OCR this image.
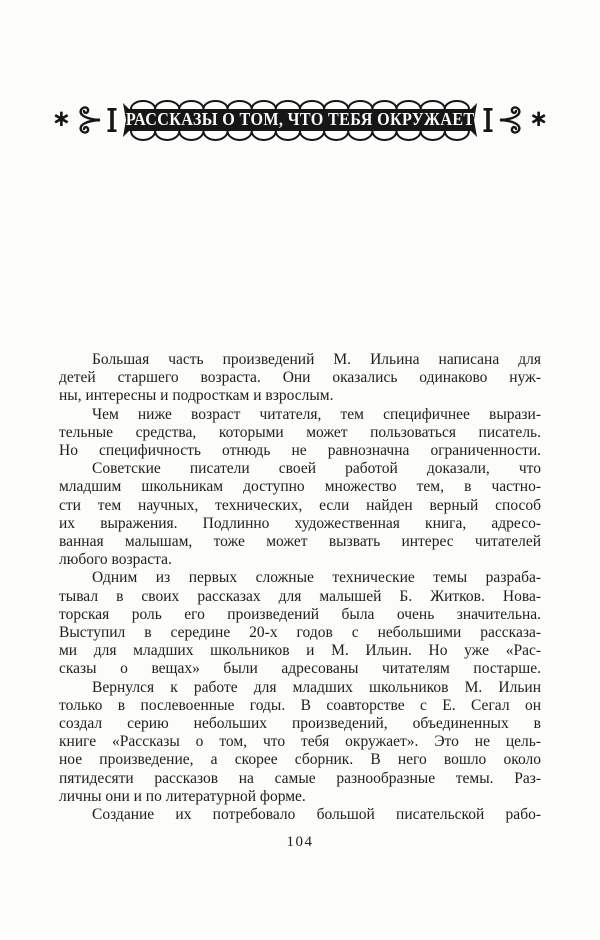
∗	«РАССКАЗЫ О ТОМ, ЧТО ТЕБЯ ОКРУЖАЕТ» ∗
Большая часть произведений М. Ильина написана для
детей старшего возраста. Они оказались одинаково нуж-
ны, интересны и подросткам и взрослым.
Чем ниже возраст читателя, тем специфичнее вырази-
тельные средства, которыми может пользоваться писатель.
Но специфичность отнюдь не равнозначна ограниченности.
Советские писатели своей работой доказали, что
младшим школьникам доступно множество тем, в частно-
сти тем научных, технических, если найден верный способ
их выражения. Подлинно художественная книга, адресо-
ванная малышам, тоже может вызвать интерес читателей
любого возраста.
Одним из первых сложные технические темы разраба-
тывал в своих рассказах для малышей Б. Житков. Нова-
торская роль его произведений была очень значительна.
Выступил в середине 20-х годов с небольшими рассказа-
ми для младших школьников и М. Ильин. Но уже «Рас-
сказы о вещах» были адресованы читателям постарше.
Вернулся к работе для младших школьников М. Ильин
только в послевоенные годы. В соавторстве с Е. Сегал он
создал серию небольших произведений, объединенных в
книге «Рассказы о том, что тебя окружает». Это не цель-
ное произведение, а скорее сборник. В него вошло около
пятидесяти рассказов на самые разнообразные темы. Раз-
личны они и по литературной форме.
Создание их потребовало большой писательской рабо-
104
